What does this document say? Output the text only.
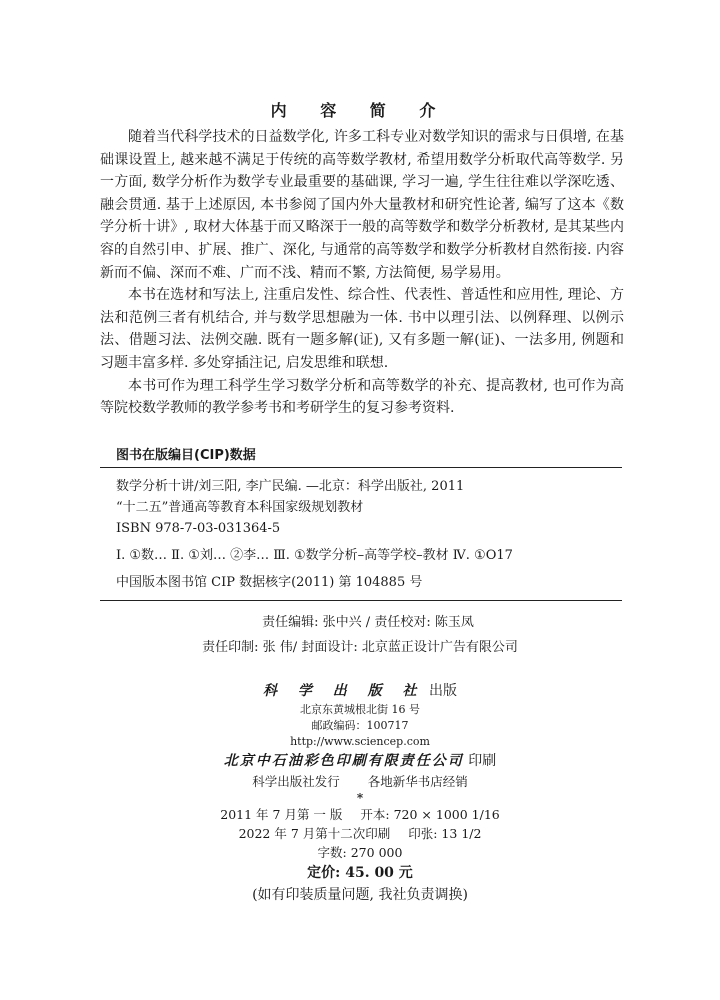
内 容 简 介

随着当代科学技术的日益数学化, 许多工科专业对数学知识的需求与日俱增, 在基础课设置上, 越来越不满足于传统的高等数学教材, 希望用数学分析取代高等数学. 另一方面, 数学分析作为数学专业最重要的基础课, 学习一遍, 学生往往难以学深吃透、融会贯通. 基于上述原因, 本书参阅了国内外大量教材和研究性论著, 编写了这本《数学分析十讲》, 取材大体基于而又略深于一般的高等数学和数学分析教材, 是其某些内容的自然引申、扩展、推广、深化, 与通常的高等数学和数学分析教材自然衔接. 内容新而不偏、深而不难、广而不浅、精而不繁, 方法简便, 易学易用。

本书在选材和写法上, 注重启发性、综合性、代表性、普适性和应用性, 理论、方法和范例三者有机结合, 并与数学思想融为一体. 书中以理引法、以例释理、以例示法、借题习法、法例交融. 既有一题多解(证), 又有多题一解(证)、一法多用, 例题和习题丰富多样. 多处穿插注记, 启发思维和联想.

本书可作为理工科学生学习数学分析和高等数学的补充、提高教材, 也可作为高等院校数学教师的教学参考书和考研学生的复习参考资料.

图书在版编目(CIP)数据
数学分析十讲/刘三阳, 李广民编. —北京：科学出版社, 2011
“十二五”普通高等教育本科国家级规划教材
ISBN 978-7-03-031364-5
Ⅰ. ①数… Ⅱ. ①刘… ②李… Ⅲ. ①数学分析–高等学校–教材 Ⅳ. ①O17
中国版本图书馆 CIP 数据核字(2011) 第 104885 号
责任编辑: 张中兴 / 责任校对: 陈玉凤
责任印制: 张 伟/ 封面设计: 北京蓝正设计广告有限公司
科 学 出 版 社 出版
北京东黄城根北街 16 号
邮政编码：100717
http://www.sciencep.com
北京中石油彩色印刷有限责任公司 印刷
科学出版社发行 各地新华书店经销
*
2011 年 7 月第 一 版 开本: 720 × 1000 1/16
2022 年 7 月第十二次印刷 印张: 13 1/2
字数: 270 000
定价: 45. 00 元
(如有印装质量问题, 我社负责调换)
